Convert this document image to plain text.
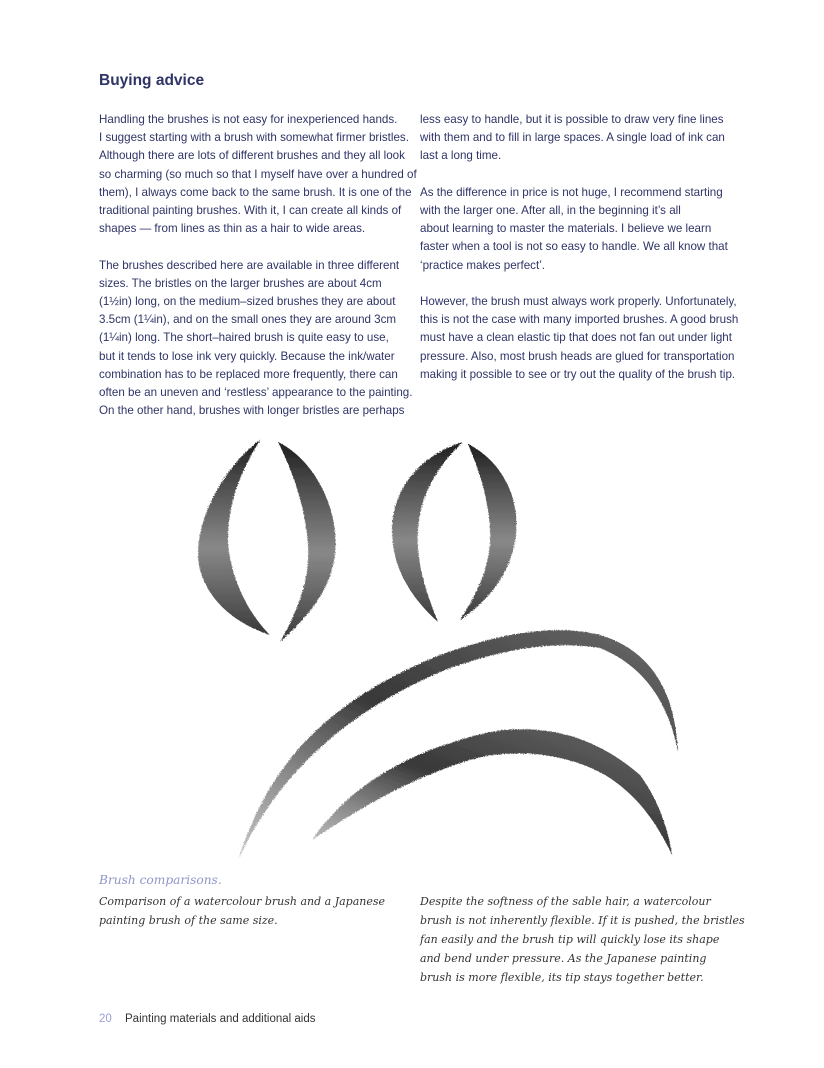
Buying advice

Handling the brushes is not easy for inexperienced hands.
I suggest starting with a brush with somewhat firmer bristles.
Although there are lots of different brushes and they all look
so charming (so much so that I myself have over a hundred of
them), I always come back to the same brush. It is one of the
traditional painting brushes. With it, I can create all kinds of
shapes — from lines as thin as a hair to wide areas.

The brushes described here are available in three different
sizes. The bristles on the larger brushes are about 4cm
(1½in) long, on the medium–sized brushes they are about
3.5cm (1¼in), and on the small ones they are around 3cm
(1¼in) long. The short–haired brush is quite easy to use,
but it tends to lose ink very quickly. Because the ink/water
combination has to be replaced more frequently, there can
often be an uneven and ‘restless’ appearance to the painting.
On the other hand, brushes with longer bristles are perhaps

less easy to handle, but it is possible to draw very fine lines
with them and to fill in large spaces. A single load of ink can
last a long time.

As the difference in price is not huge, I recommend starting
with the larger one. After all, in the beginning it’s all
about learning to master the materials. I believe we learn
faster when a tool is not so easy to handle. We all know that
‘practice makes perfect’.

However, the brush must always work properly. Unfortunately,
this is not the case with many imported brushes. A good brush
must have a clean elastic tip that does not fan out under light
pressure. Also, most brush heads are glued for transportation
making it possible to see or try out the quality of the brush tip.

Brush comparisons.
Comparison of a watercolour brush and a Japanese
painting brush of the same size.
Despite the softness of the sable hair, a watercolour
brush is not inherently flexible. If it is pushed, the bristles
fan easily and the brush tip will quickly lose its shape
and bend under pressure. As the Japanese painting
brush is more flexible, its tip stays together better.
20 Painting materials and additional aids
